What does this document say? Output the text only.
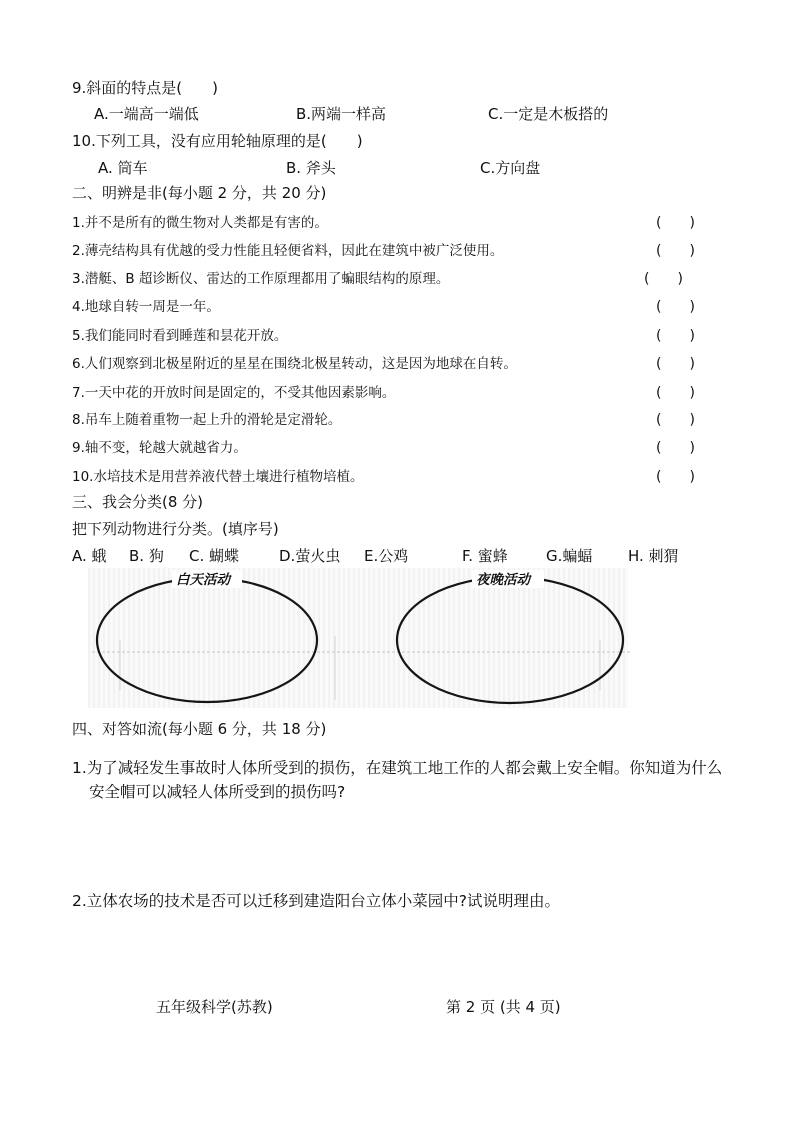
9.斜面的特点是(　　)
A.一端高一端低	B.两端一样高	C.一定是木板搭的
10.下列工具，没有应用轮轴原理的是(　　)
A. 筒车	B. 斧头	C.方向盘
二、明辨是非(每小题 2 分，共 20 分)
1.并不是所有的微生物对人类都是有害的。	(　　)
2.薄壳结构具有优越的受力性能且轻便省料，因此在建筑中被广泛使用。	(　　)
3.潜艇、B 超诊断仪、雷达的工作原理都用了蝙眼结构的原理。	(　　)
4.地球自转一周是一年。	(　　)
5.我们能同时看到睡莲和昙花开放。	(　　)
6.人们观察到北极星附近的星星在围绕北极星转动，这是因为地球在自转。	(　　)
7.一天中花的开放时间是固定的，不受其他因素影响。	(　　)
8.吊车上随着重物一起上升的滑轮是定滑轮。	(　　)
9.轴不变，轮越大就越省力。	(　　)
10.水培技术是用营养液代替土壤进行植物培植。	(　　)
三、我会分类(8 分)
把下列动物进行分类。(填序号)
A. 蛾 B. 狗 C. 蝴蝶	D.萤火虫 E.公鸡	F. 蜜蜂	G.蝙蝠 H. 刺猬
白天活动	夜晚活动
四、对答如流(每小题 6 分，共 18 分)
1.为了减轻发生事故时人体所受到的损伤，在建筑工地工作的人都会戴上安全帽。你知道为什么安全帽可以减轻人体所受到的损伤吗?
2.立体农场的技术是否可以迁移到建造阳台立体小菜园中?试说明理由。
五年级科学(苏教)	第 2 页 (共 4 页)
